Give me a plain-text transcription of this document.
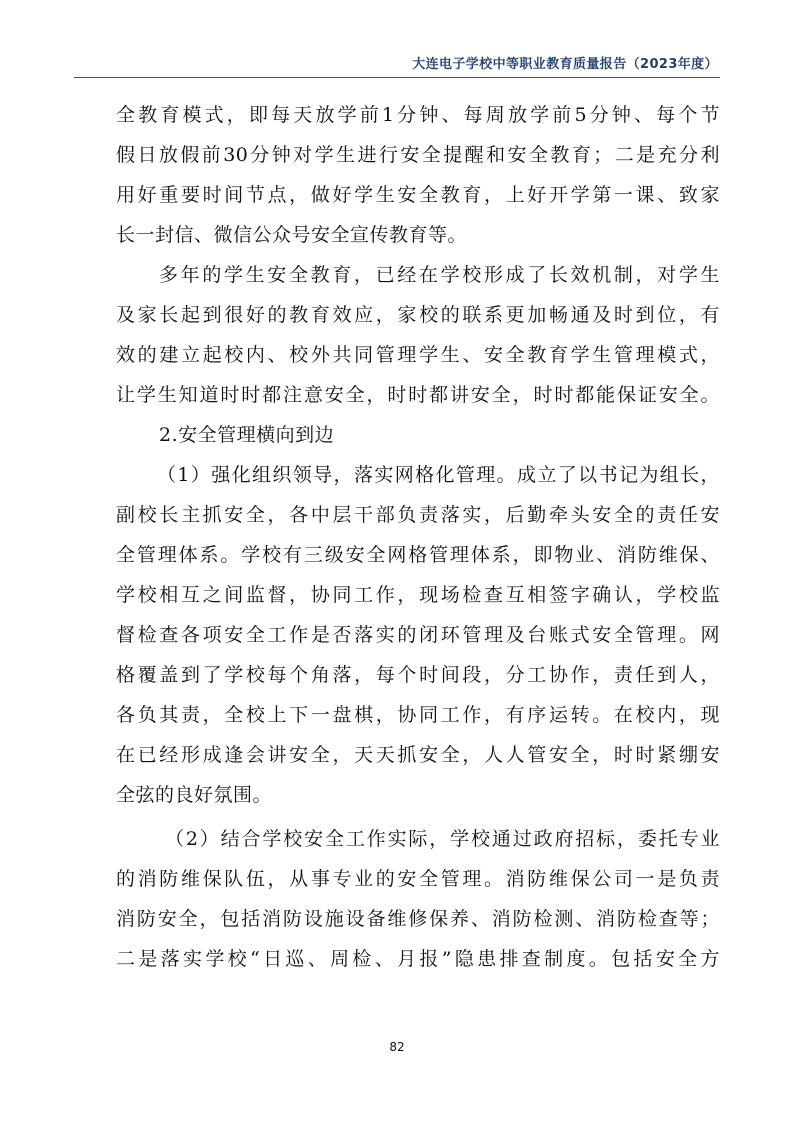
大连电子学校中等职业教育质量报告（2023年度）
全教育模式，即每天放学前1分钟、每周放学前5分钟、每个节
假日放假前30分钟对学生进行安全提醒和安全教育；二是充分利
用好重要时间节点，做好学生安全教育，上好开学第一课、致家
长一封信、微信公众号安全宣传教育等。
多年的学生安全教育，已经在学校形成了长效机制，对学生
及家长起到很好的教育效应，家校的联系更加畅通及时到位，有
效的建立起校内、校外共同管理学生、安全教育学生管理模式，
让学生知道时时都注意安全，时时都讲安全，时时都能保证安全。
2.安全管理横向到边
（1）强化组织领导，落实网格化管理。成立了以书记为组长，
副校长主抓安全，各中层干部负责落实，后勤牵头安全的责任安
全管理体系。学校有三级安全网格管理体系，即物业、消防维保、
学校相互之间监督，协同工作，现场检查互相签字确认，学校监
督检查各项安全工作是否落实的闭环管理及台账式安全管理。网
格覆盖到了学校每个角落，每个时间段，分工协作，责任到人，
各负其责，全校上下一盘棋，协同工作，有序运转。在校内，现
在已经形成逢会讲安全，天天抓安全，人人管安全，时时紧绷安
全弦的良好氛围。
（2）结合学校安全工作实际，学校通过政府招标，委托专业
的消防维保队伍，从事专业的安全管理。消防维保公司一是负责
消防安全，包括消防设施设备维修保养、消防检测、消防检查等；
二是落实学校“日巡、周检、月报”隐患排查制度。包括安全方
82
